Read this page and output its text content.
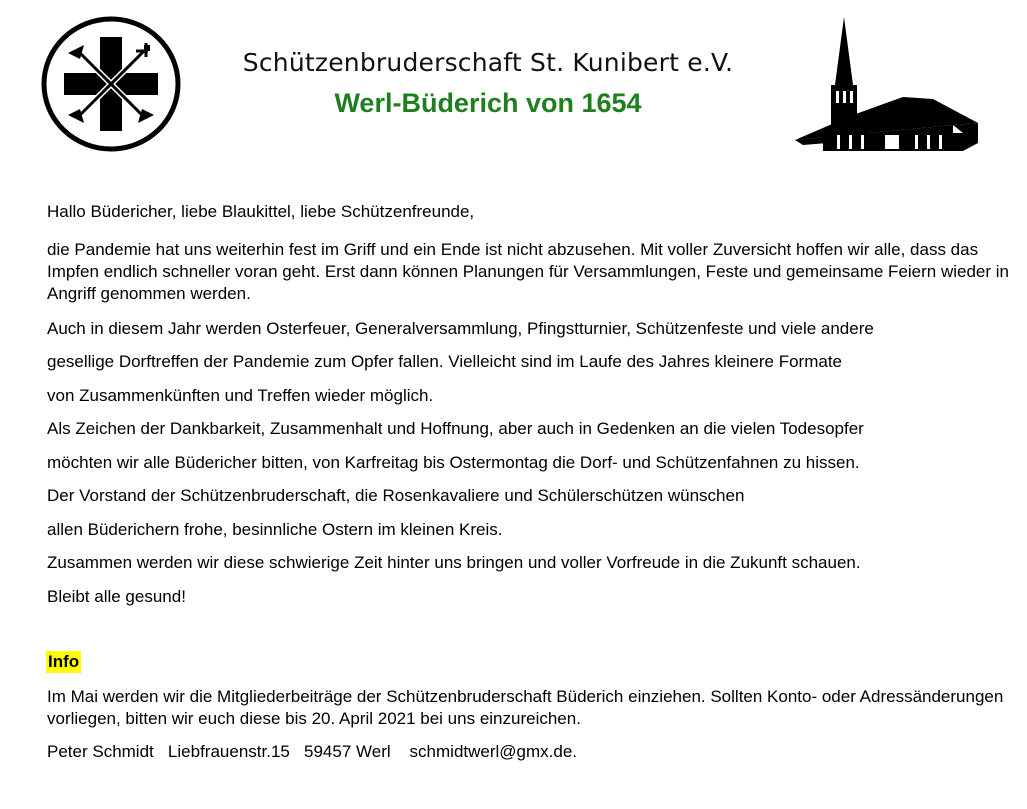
Schützenbruderschaft St. Kunibert e.V.
Werl-Büderich von 1654
Hallo Büdericher, liebe Blaukittel, liebe Schützenfreunde,
die Pandemie hat uns weiterhin fest im Griff und ein Ende ist nicht abzusehen. Mit voller Zuversicht hoffen wir alle, dass das Impfen endlich schneller voran geht. Erst dann können Planungen für Versammlungen, Feste und gemeinsame Feiern wieder in Angriff genommen werden.
Auch in diesem Jahr werden Osterfeuer, Generalversammlung, Pfingstturnier, Schützenfeste und viele andere
gesellige Dorftreffen der Pandemie zum Opfer fallen. Vielleicht sind im Laufe des Jahres kleinere Formate
von Zusammenkünften und Treffen wieder möglich.
Als Zeichen der Dankbarkeit, Zusammenhalt und Hoffnung, aber auch in Gedenken an die vielen Todesopfer
möchten wir alle Büdericher bitten, von Karfreitag bis Ostermontag die Dorf- und Schützenfahnen zu hissen.
Der Vorstand der Schützenbruderschaft, die Rosenkavaliere und Schülerschützen wünschen
allen Büderichern frohe, besinnliche Ostern im kleinen Kreis.
Zusammen werden wir diese schwierige Zeit hinter uns bringen und voller Vorfreude in die Zukunft schauen.
Bleibt alle gesund!
Info
Im Mai werden wir die Mitgliederbeiträge der Schützenbruderschaft Büderich einziehen. Sollten Konto- oder Adressänderungen vorliegen, bitten wir euch diese bis 20. April 2021 bei uns einzureichen.
Peter Schmidt   Liebfrauenstr.15   59457 Werl    schmidtwerl@gmx.de.
